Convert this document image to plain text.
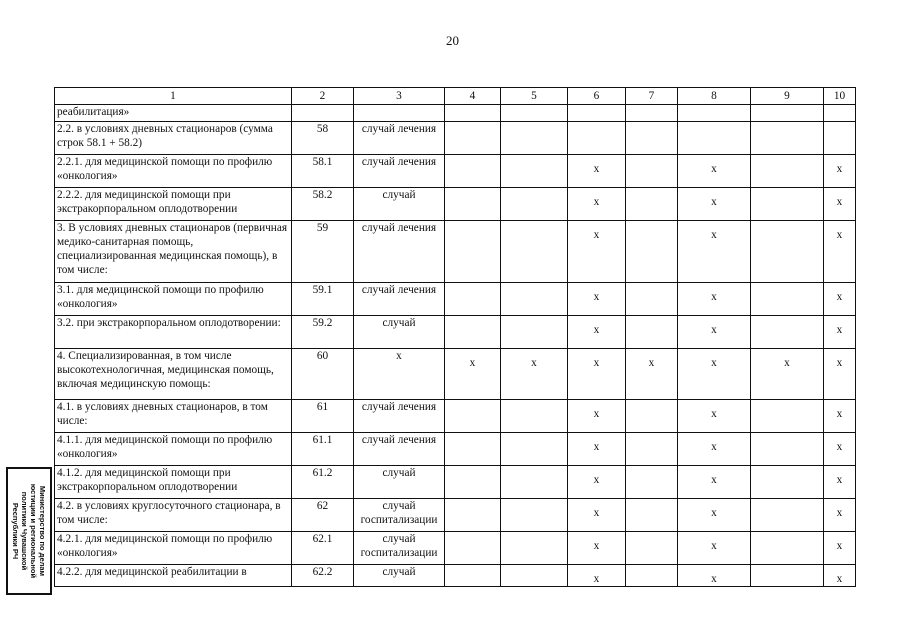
20
1	2	3	4	5	6	7	8	9	10
реабилитация»									
2.2. в условиях дневных стационаров (сумма строк 58.1 + 58.2)	58	случай лечения							
2.2.1. для медицинской помощи по профилю «онкология»	58.1	случай лечения			х		х		х
2.2.2. для медицинской помощи при экстракорпоральном оплодотворении	58.2	случай			х		х		х
3. В условиях дневных стационаров (первичная медико-санитарная помощь, специализированная медицинская помощь), в том числе:	59	случай лечения			х		х		х
3.1. для медицинской помощи по профилю «онкология»	59.1	случай лечения			х		х		х
3.2. при экстракорпоральном оплодотворении:	59.2	случай			х		х		х
4. Специализированная, в том числе высокотехнологичная, медицинская помощь, включая медицинскую помощь:	60	х	х	х	х	х	х	х	х
4.1. в условиях дневных стационаров, в том числе:	61	случай лечения			х		х		х
4.1.1. для медицинской помощи по профилю «онкология»	61.1	случай лечения			х		х		х
4.1.2. для медицинской помощи при экстракорпоральном оплодотворении	61.2	случай			х		х		х
4.2. в условиях круглосуточного стационара, в том числе:	62	случай госпитализации			х		х		х
4.2.1. для медицинской помощи по профилю «онкология»	62.1	случай госпитализации			х		х		х
4.2.2. для медицинской реабилитации в	62.2	случай			х		х		х
Министерство по делам
юстиции и региональной
политики Чувашской
Республики РЧ
